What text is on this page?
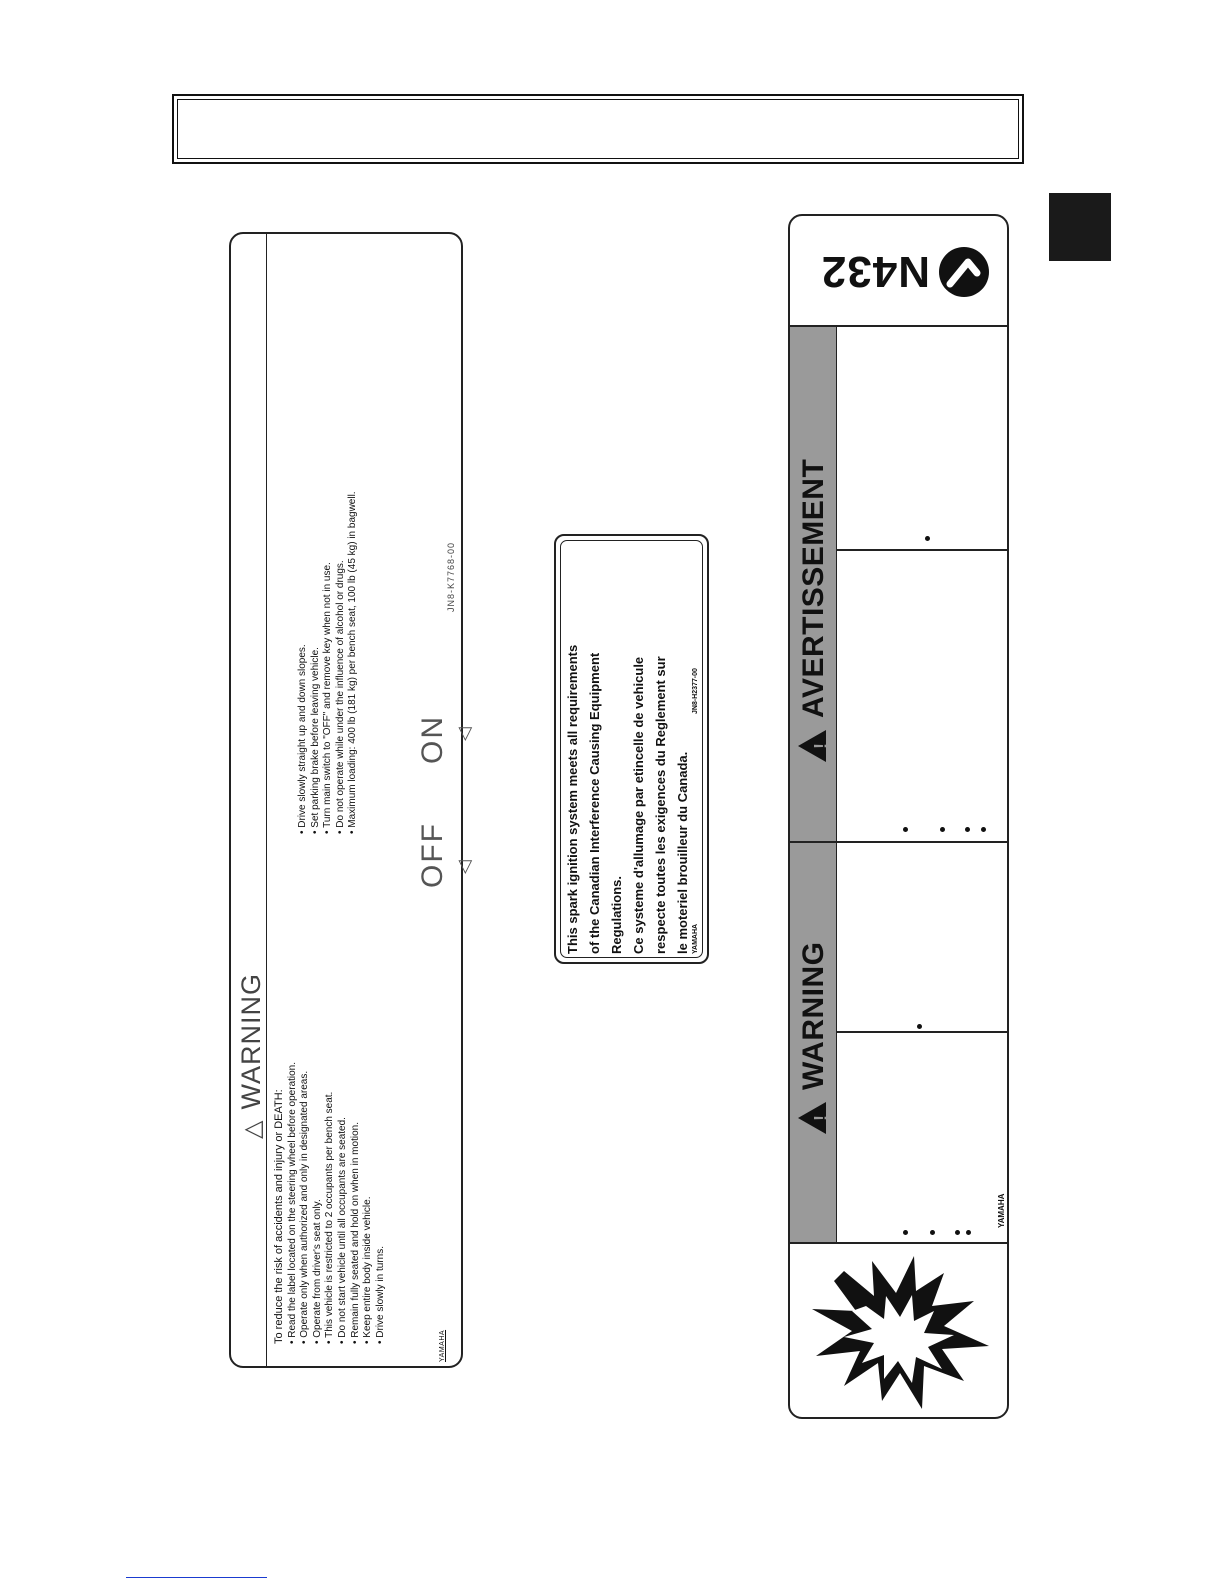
△WARNING
To reduce the risk of accidents and injury or DEATH: • Read the label located on the steering wheel before operation. • Operate only when authorized and only in designated areas. • Operate from driver's seat only. • This vehicle is restricted to 2 occupants per bench seat. • Do not start vehicle until all occupants are seated. • Remain fully seated and hold on when in motion. • Keep entire body inside vehicle. • Drive slowly in turns.
• Drive slowly straight up and down slopes. • Set parking brake before leaving vehicle. • Turn main switch to "OFF" and remove key when not in use. • Do not operate while under the influence of alcohol or drugs. • Maximum loading: 400 lb (181 kg) per bench seat, 100 lb (45 kg) in bagwell.
YAMAHA
OFF
ON
◁
◁
JN8-K7768-00
This spark ignition system meets all requirements of the Canadian Interference Causing Equipment Regulations. Ce systeme d'allumage par etincelle de vehicule respecte toutes les exigences du Reglement sur le moteriel brouilleur du Canada. YAMAHA
JN8-H2377-00
!WARNING
!AVERTISSEMENT
YAMAHA
N432
